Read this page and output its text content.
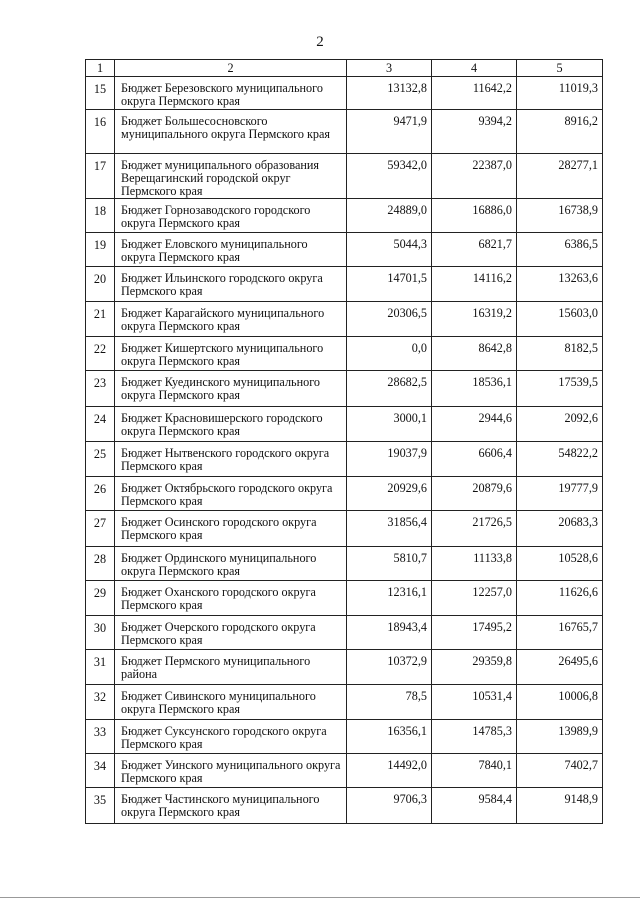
2
1	2	3	4	5
15	Бюджет Березовского муниципального округа Пермского края	13132,8	11642,2	11019,3
16	Бюджет Большесосновского муниципального округа Пермского края	9471,9	9394,2	8916,2
17	Бюджет муниципального образования Верещагинский городской округ Пермского края	59342,0	22387,0	28277,1
18	Бюджет Горнозаводского городского округа Пермского края	24889,0	16886,0	16738,9
19	Бюджет Еловского муниципального округа Пермского края	5044,3	6821,7	6386,5
20	Бюджет Ильинского городского округа Пермского края	14701,5	14116,2	13263,6
21	Бюджет Карагайского муниципального округа Пермского края	20306,5	16319,2	15603,0
22	Бюджет Кишертского муниципального округа Пермского края	0,0	8642,8	8182,5
23	Бюджет Куединского муниципального округа Пермского края	28682,5	18536,1	17539,5
24	Бюджет Красновишерского городского округа Пермского края	3000,1	2944,6	2092,6
25	Бюджет Нытвенского городского округа Пермского края	19037,9	6606,4	54822,2
26	Бюджет Октябрьского городского округа Пермского края	20929,6	20879,6	19777,9
27	Бюджет Осинского городского округа Пермского края	31856,4	21726,5	20683,3
28	Бюджет Ординского муниципального округа Пермского края	5810,7	11133,8	10528,6
29	Бюджет Оханского городского округа Пермского края	12316,1	12257,0	11626,6
30	Бюджет Очерского городского округа Пермского края	18943,4	17495,2	16765,7
31	Бюджет Пермского муниципального района	10372,9	29359,8	26495,6
32	Бюджет Сивинского муниципального округа Пермского края	78,5	10531,4	10006,8
33	Бюджет Суксунского городского округа Пермского края	16356,1	14785,3	13989,9
34	Бюджет Уинского муниципального округа Пермского края	14492,0	7840,1	7402,7
35	Бюджет Частинского муниципального округа Пермского края	9706,3	9584,4	9148,9
